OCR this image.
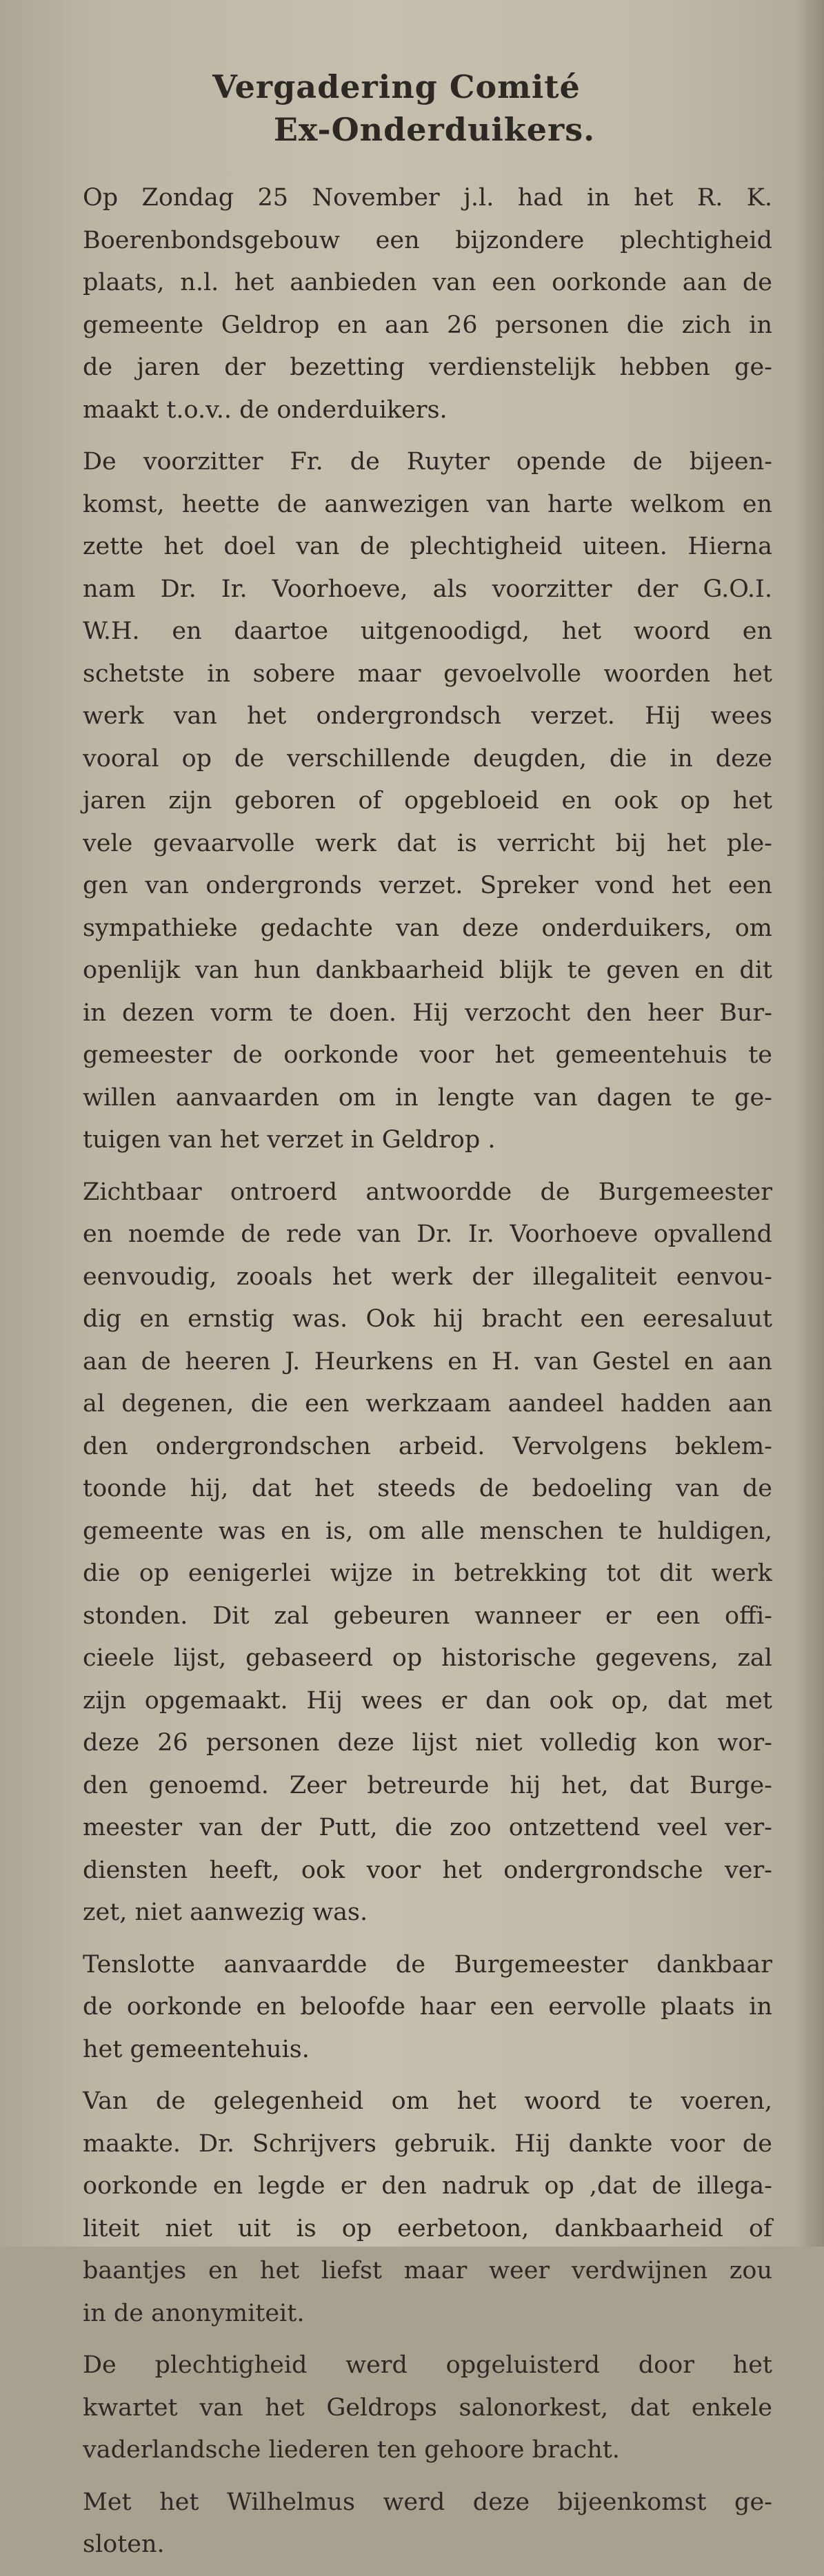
Vergadering Comité
Ex-Onderduikers.

Op Zondag 25 November j.l. had in het R. K.
Boerenbondsgebouw een bijzondere plechtigheid
plaats, n.l. het aanbieden van een oorkonde aan de
gemeente Geldrop en aan 26 personen die zich in
de jaren der bezetting verdienstelijk hebben ge-
maakt t.o.v.. de onderduikers.

De voorzitter Fr. de Ruyter opende de bijeen-
komst, heette de aanwezigen van harte welkom en
zette het doel van de plechtigheid uiteen. Hierna
nam Dr. Ir. Voorhoeve, als voorzitter der G.O.I.
W.H. en daartoe uitgenoodigd, het woord en
schetste in sobere maar gevoelvolle woorden het
werk van het ondergrondsch verzet. Hij wees
vooral op de verschillende deugden, die in deze
jaren zijn geboren of opgebloeid en ook op het
vele gevaarvolle werk dat is verricht bij het ple-
gen van ondergronds verzet. Spreker vond het een
sympathieke gedachte van deze onderduikers, om
openlijk van hun dankbaarheid blijk te geven en dit
in dezen vorm te doen. Hij verzocht den heer Bur-
gemeester de oorkonde voor het gemeentehuis te
willen aanvaarden om in lengte van dagen te ge-
tuigen van het verzet in Geldrop .

Zichtbaar ontroerd antwoordde de Burgemeester
en noemde de rede van Dr. Ir. Voorhoeve opvallend
eenvoudig, zooals het werk der illegaliteit eenvou-
dig en ernstig was. Ook hij bracht een eeresaluut
aan de heeren J. Heurkens en H. van Gestel en aan
al degenen, die een werkzaam aandeel hadden aan
den ondergrondschen arbeid. Vervolgens beklem-
toonde hij, dat het steeds de bedoeling van de
gemeente was en is, om alle menschen te huldigen,
die op eenigerlei wijze in betrekking tot dit werk
stonden. Dit zal gebeuren wanneer er een offi-
cieele lijst, gebaseerd op historische gegevens, zal
zijn opgemaakt. Hij wees er dan ook op, dat met
deze 26 personen deze lijst niet volledig kon wor-
den genoemd. Zeer betreurde hij het, dat Burge-
meester van der Putt, die zoo ontzettend veel ver-
diensten heeft, ook voor het ondergrondsche ver-
zet, niet aanwezig was.

Tenslotte aanvaardde de Burgemeester dankbaar
de oorkonde en beloofde haar een eervolle plaats in
het gemeentehuis.

Van de gelegenheid om het woord te voeren,
maakte. Dr. Schrijvers gebruik. Hij dankte voor de
oorkonde en legde er den nadruk op ,dat de illega-
liteit niet uit is op eerbetoon, dankbaarheid of
baantjes en het liefst maar weer verdwijnen zou
in de anonymiteit.

De plechtigheid werd opgeluisterd door het
kwartet van het Geldrops salonorkest, dat enkele
vaderlandsche liederen ten gehoore bracht.

Met het Wilhelmus werd deze bijeenkomst ge-
sloten.
